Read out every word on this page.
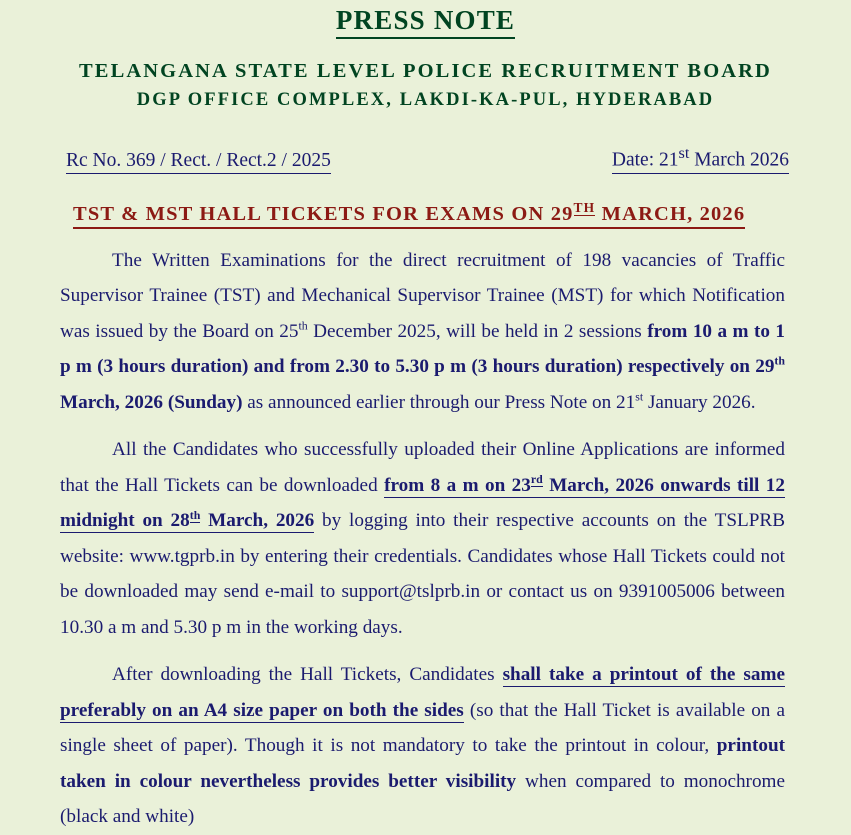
PRESS NOTE
TELANGANA STATE LEVEL POLICE RECRUITMENT BOARD
DGP OFFICE COMPLEX, LAKDI-KA-PUL, HYDERABAD
Rc No. 369 / Rect. / Rect.2 / 2025	Date: 21st March 2026
TST & MST HALL TICKETS FOR EXAMS ON 29TH MARCH, 2026

The Written Examinations for the direct recruitment of 198 vacancies of Traffic Supervisor Trainee (TST) and Mechanical Supervisor Trainee (MST) for which Notification was issued by the Board on 25th December 2025, will be held in 2 sessions from 10 a m to 1 p m (3 hours duration) and from 2.30 to 5.30 p m (3 hours duration) respectively on 29th March, 2026 (Sunday) as announced earlier through our Press Note on 21st January 2026.

All the Candidates who successfully uploaded their Online Applications are informed that the Hall Tickets can be downloaded from 8 a m on 23rd March, 2026 onwards till 12 midnight on 28th March, 2026 by logging into their respective accounts on the TSLPRB website: www.tgprb.in by entering their credentials. Candidates whose Hall Tickets could not be downloaded may send e-mail to support@tslprb.in or contact us on 9391005006 between 10.30 a m and 5.30 p m in the working days.

After downloading the Hall Tickets, Candidates shall take a printout of the same preferably on an A4 size paper on both the sides (so that the Hall Ticket is available on a single sheet of paper). Though it is not mandatory to take the printout in colour, printout taken in colour nevertheless provides better visibility when compared to monochrome (black and white)
